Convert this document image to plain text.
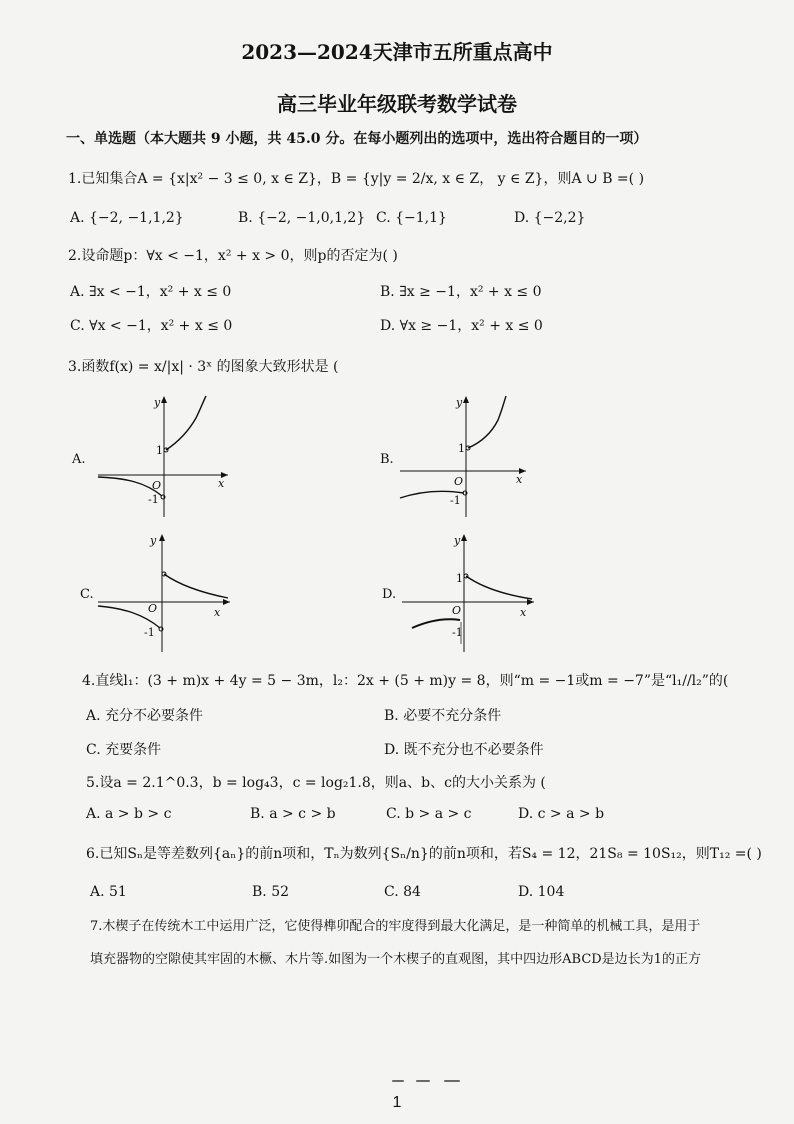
2023—2024天津市五所重点高中
高三毕业年级联考数学试卷
一、单选题（本大题共 9 小题，共 45.0 分。在每小题列出的选项中，选出符合题目的一项）
1.已知集合A = {x|x² − 3 ≤ 0, x ∈ Z}，B = {y|y = 2/x, x ∈ Z， y ∈ Z}，则A ∪ B =( )
A. {−2, −1,1,2}	B. {−2, −1,0,1,2} C. {−1,1}	D. {−2,2}
2.设命题p：∀x < −1，x² + x > 0，则p的否定为( )
A. ∃x < −1，x² + x ≤ 0	B. ∃x ≥ −1，x² + x ≤ 0
C. ∀x < −1，x² + x ≤ 0	D. ∀x ≥ −1，x² + x ≤ 0
3.函数f(x) = x/|x| · 3ˣ 的图象大致形状是 (
A.
y
x
O
1
-1
B.
y
x
O
1
-1
C.
y
x
O
-1
D.
y
x
O
1
-1
4.直线l₁：(3 + m)x + 4y = 5 − 3m，l₂：2x + (5 + m)y = 8，则“m = −1或m = −7”是“l₁//l₂”的(
A. 充分不必要条件	B. 必要不充分条件
C. 充要条件	D. 既不充分也不必要条件
5.设a = 2.1^0.3，b = log₄3，c = log₂1.8，则a、b、c的大小关系为 (
A. a > b > c	B. a > c > b	C. b > a > c	D. c > a > b
6.已知Sₙ是等差数列{aₙ}的前n项和，Tₙ为数列{Sₙ/n}的前n项和，若S₄ = 12，21S₈ = 10S₁₂，则T₁₂ =( )
A. 51	B. 52	C. 84	D. 104
7.木楔子在传统木工中运用广泛，它使得榫卯配合的牢度得到最大化满足，是一种简单的机械工具，是用于
填充器物的空隙使其牢固的木橛、木片等.如图为一个木楔子的直观图，其中四边形ABCD是边长为1的正方
1
